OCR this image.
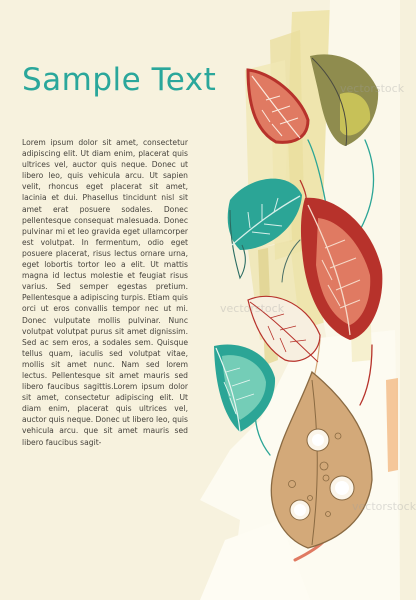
vectorstock
vectorstock
vectorstock
Sample Text
Lorem ipsum dolor sit amet, consectetur adipiscing elit. Ut diam enim, placerat quis ultrices vel, auctor quis neque. Donec ut libero leo, quis vehicula arcu. Ut sapien velit, rhoncus eget placerat sit amet, lacinia et dui. Phasellus tincidunt nisl sit amet erat posuere sodales. Donec pellentesque consequat malesuada. Donec pulvinar mi et leo gravida eget ullamcorper est volutpat. In fermentum, odio eget posuere placerat, risus lectus ornare urna, eget lobortis tortor leo a elit. Ut mattis magna id lectus molestie et feugiat risus varius. Sed semper egestas pretium. Pellentesque a adipiscing turpis. Etiam quis orci ut eros convallis tempor nec ut mi. Donec vulputate mollis pulvinar. Nunc volutpat volutpat purus sit amet dignissim. Sed ac sem eros, a sodales sem. Quisque tellus quam, iaculis sed volutpat vitae, mollis sit amet nunc. Nam sed lorem lectus. Pellentesque sit amet mauris sed libero faucibus sagittis.Lorem ipsum dolor sit amet, consectetur adipiscing elit. Ut diam enim, placerat quis ultrices vel, auctor quis neque. Donec ut libero leo, quis vehicula arcu. que sit amet mauris sed libero faucibus sagit-
